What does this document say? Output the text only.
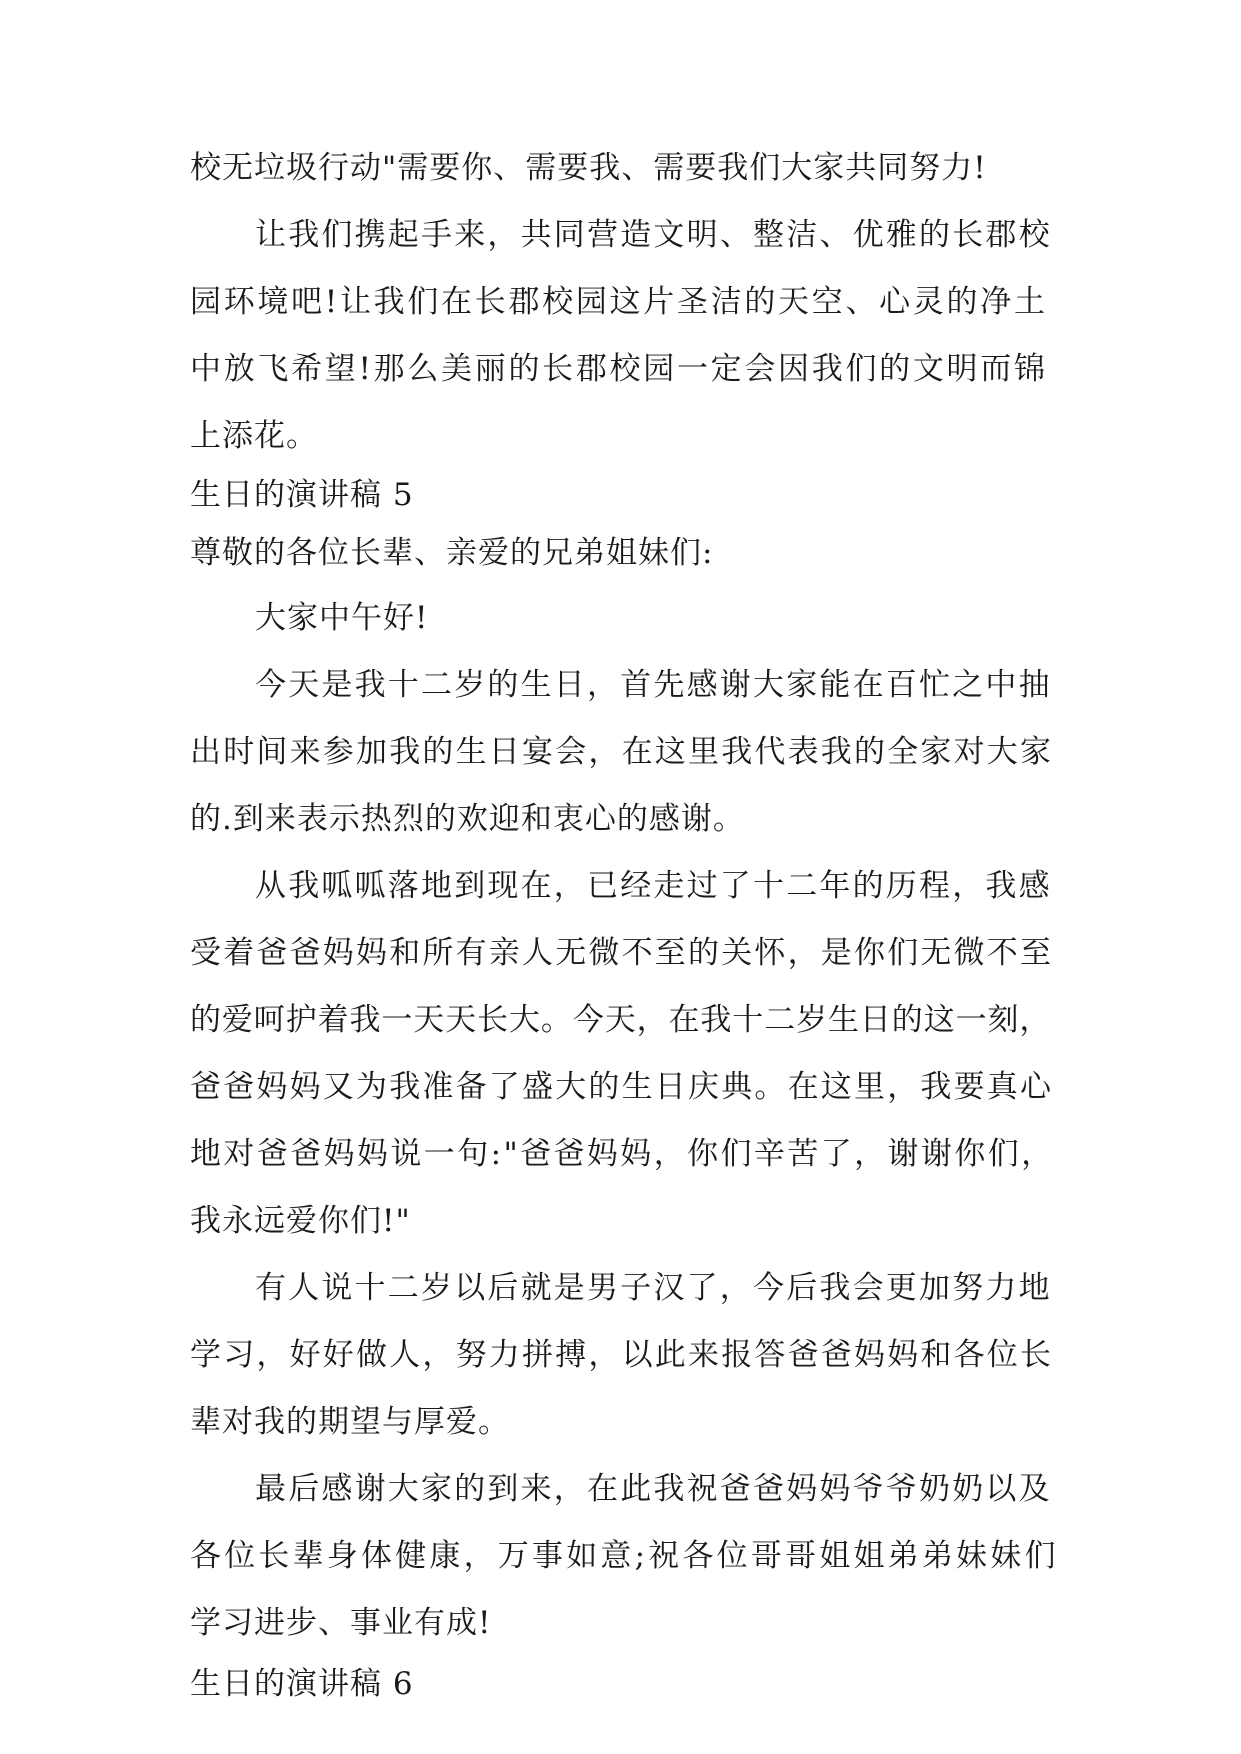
校无垃圾行动"需要你、需要我、需要我们大家共同努力!

让我们携起手来，共同营造文明、整洁、优雅的长郡校

园环境吧!让我们在长郡校园这片圣洁的天空、心灵的净土

中放飞希望!那么美丽的长郡校园一定会因我们的文明而锦

上添花。

生日的演讲稿 5

尊敬的各位长辈、亲爱的兄弟姐妹们:

大家中午好!

今天是我十二岁的生日，首先感谢大家能在百忙之中抽

出时间来参加我的生日宴会，在这里我代表我的全家对大家

的.到来表示热烈的欢迎和衷心的感谢。

从我呱呱落地到现在，已经走过了十二年的历程，我感

受着爸爸妈妈和所有亲人无微不至的关怀，是你们无微不至

的爱呵护着我一天天长大。今天，在我十二岁生日的这一刻，

爸爸妈妈又为我准备了盛大的生日庆典。在这里，我要真心

地对爸爸妈妈说一句:"爸爸妈妈，你们辛苦了，谢谢你们，

我永远爱你们!"

有人说十二岁以后就是男子汉了，今后我会更加努力地

学习，好好做人，努力拼搏，以此来报答爸爸妈妈和各位长

辈对我的期望与厚爱。

最后感谢大家的到来，在此我祝爸爸妈妈爷爷奶奶以及

各位长辈身体健康，万事如意;祝各位哥哥姐姐弟弟妹妹们

学习进步、事业有成!

生日的演讲稿 6
